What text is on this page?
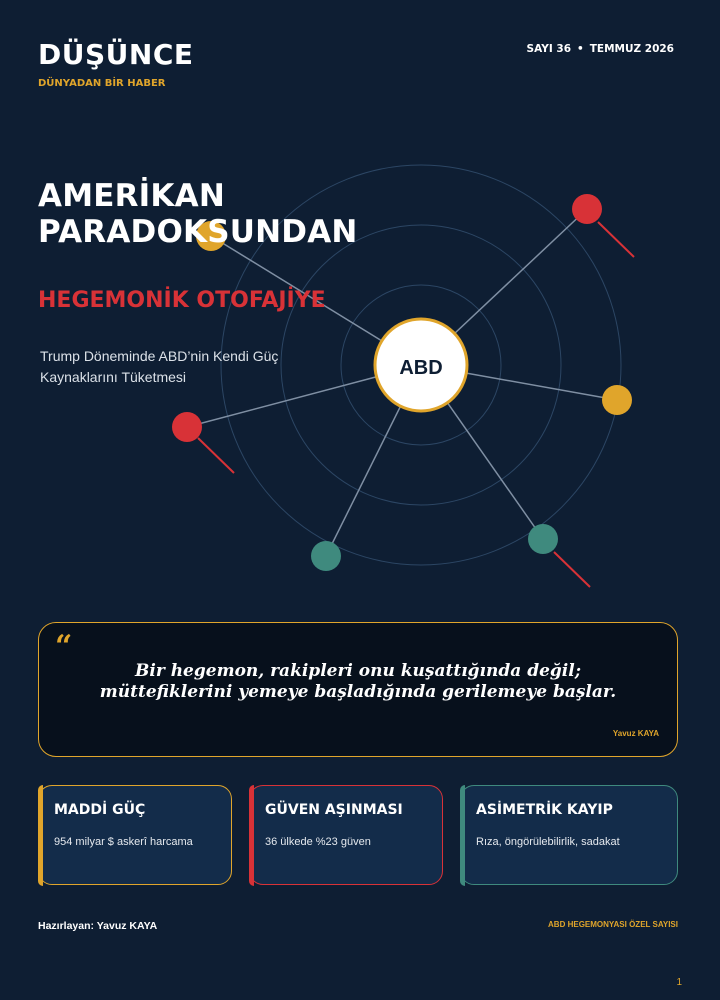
DÜŞÜNCE
DÜNYADAN BİR HABER
SAYI 36 • TEMMUZ 2026
ABD
AMERİKAN
PARADOKSUNDAN
HEGEMONİK OTOFAJİYE
Trump Döneminde ABD’nin Kendi Güç Kaynaklarını Tüketmesi
“
Bir hegemon, rakipleri onu kuşattığında değil; müttefiklerini yemeye başladığında gerilemeye başlar.
Yavuz KAYA
MADDİ GÜÇ
954 milyar $ askerî harcama
GÜVEN AŞINMASI
36 ülkede %23 güven
ASİMETRİK KAYIP
Rıza, öngörülebilirlik, sadakat
Hazırlayan: Yavuz KAYA	ABD HEGEMONYASI ÖZEL SAYISI
1
